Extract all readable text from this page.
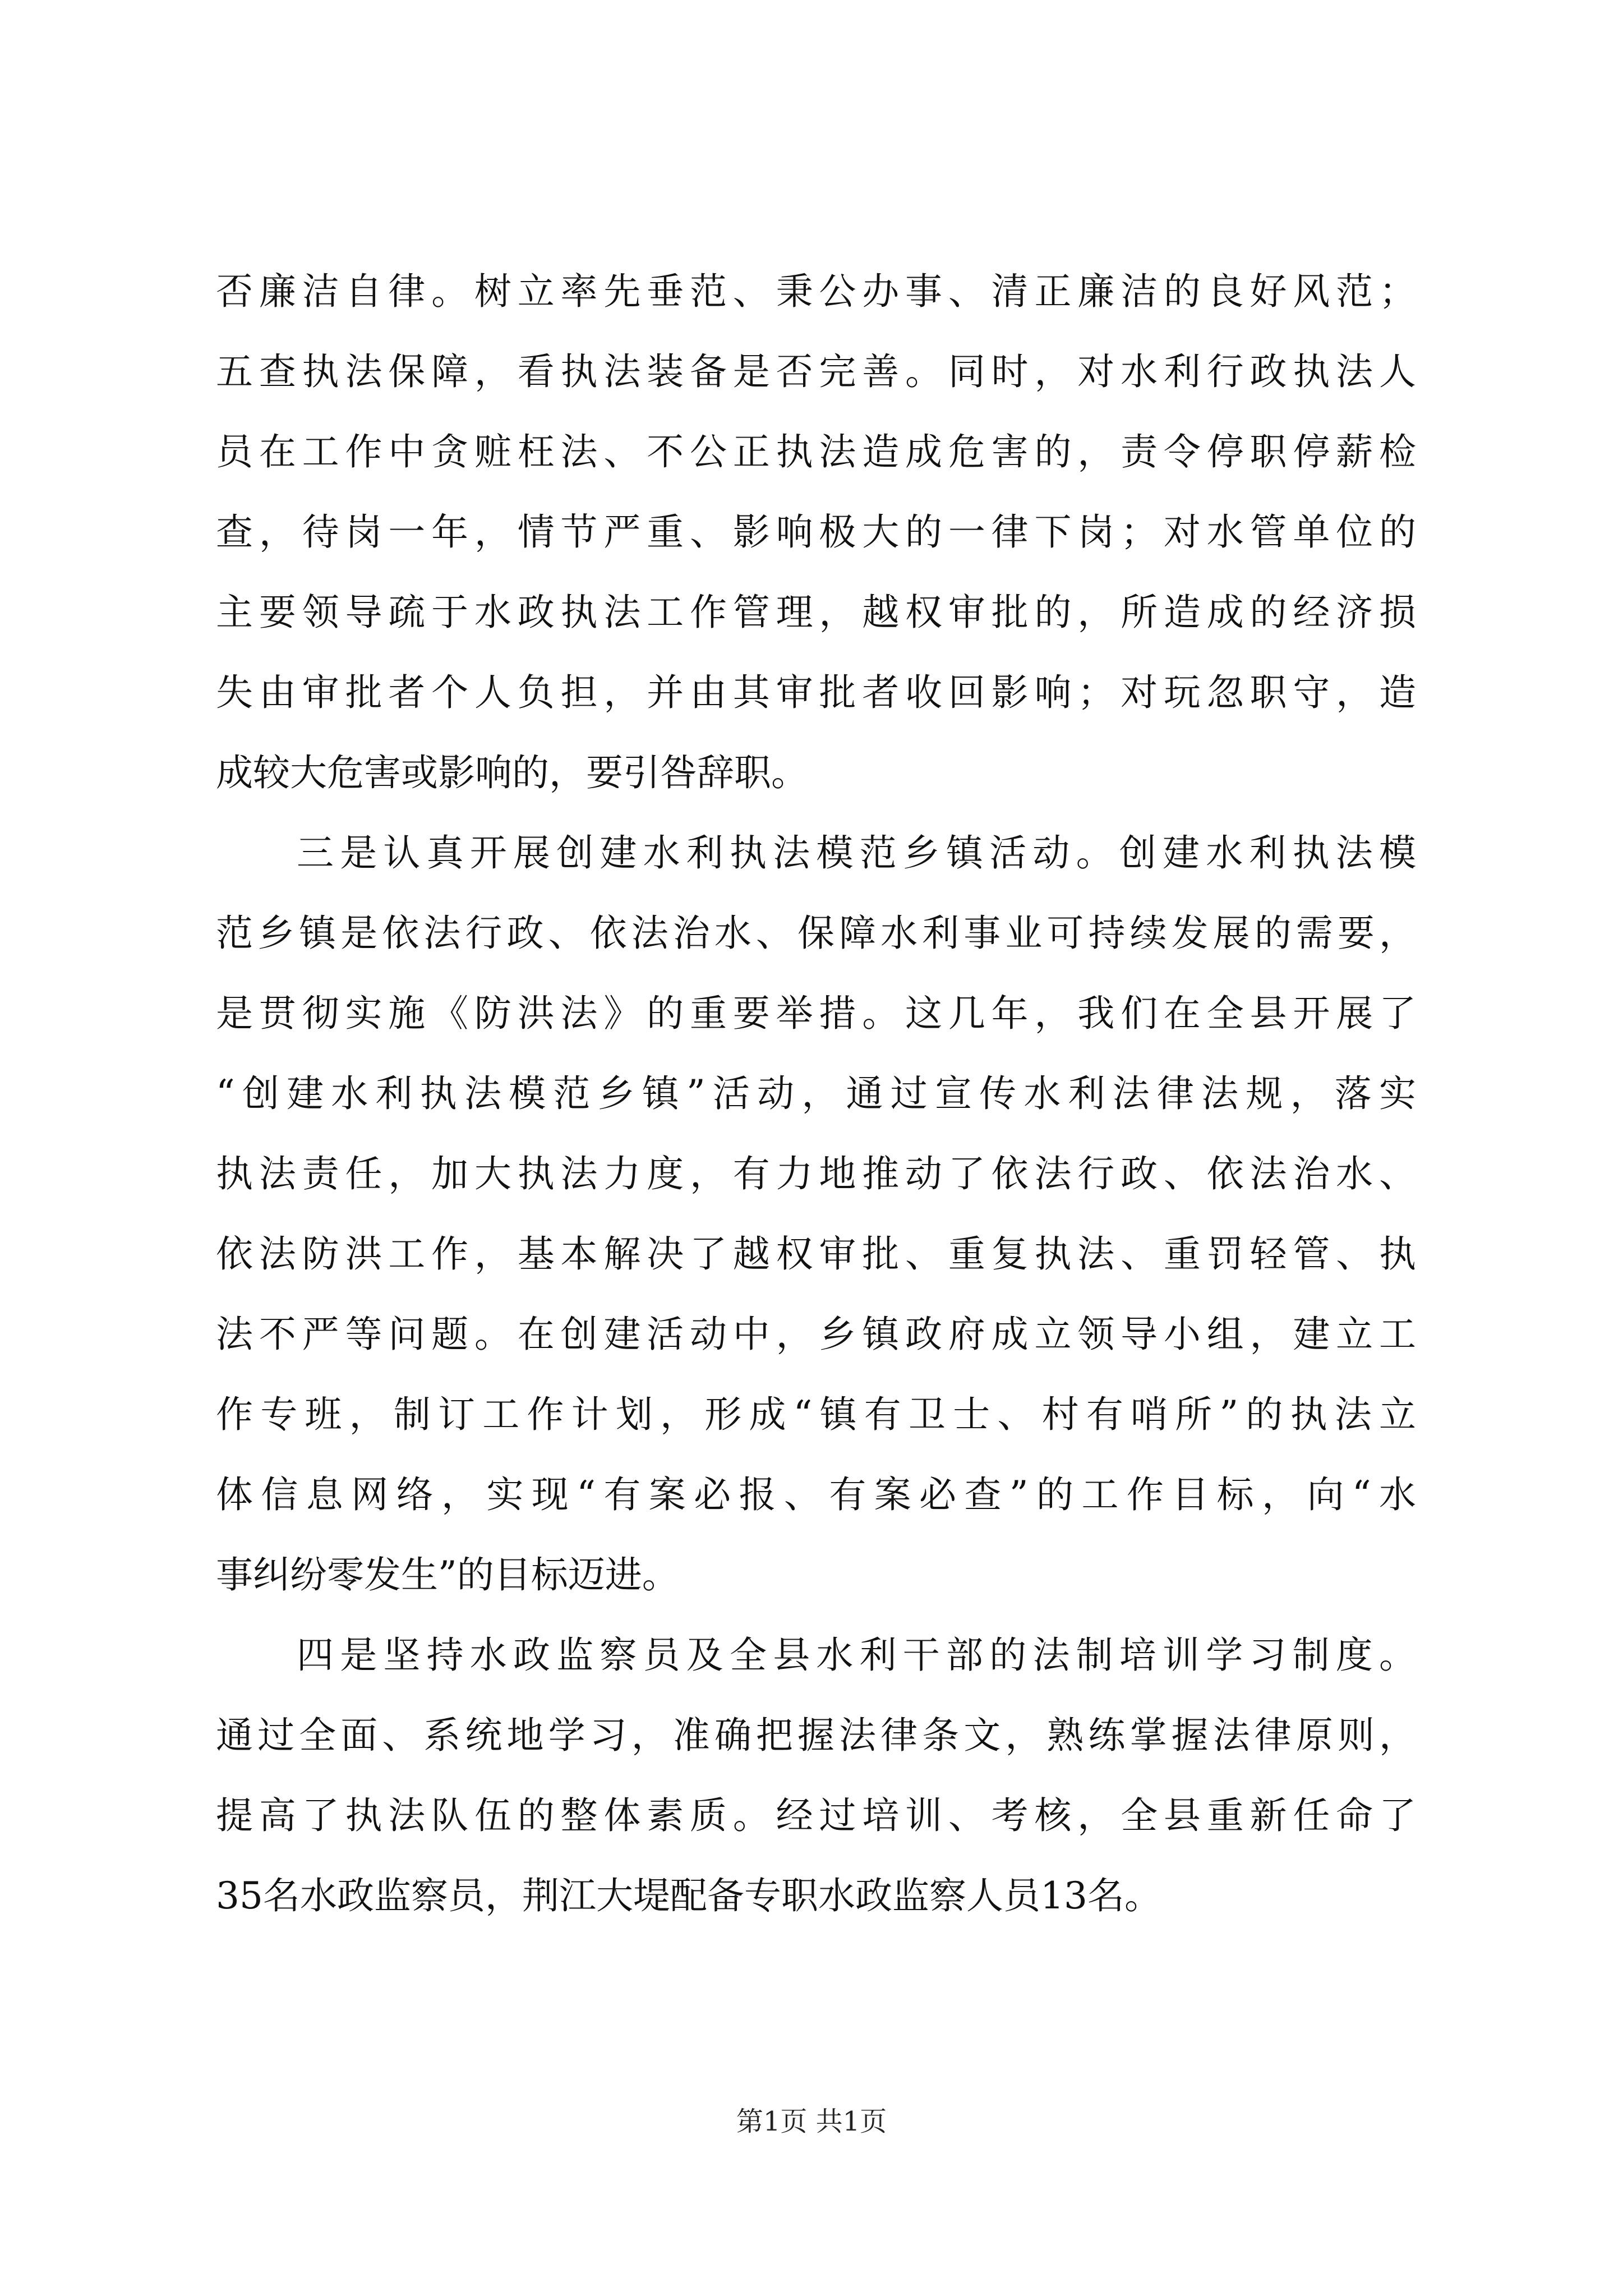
否廉洁自律。树立率先垂范、秉公办事、清正廉洁的良好风范；
五查执法保障，看执法装备是否完善。同时，对水利行政执法人
员在工作中贪赃枉法、不公正执法造成危害的，责令停职停薪检
查，待岗一年，情节严重、影响极大的一律下岗；对水管单位的
主要领导疏于水政执法工作管理，越权审批的，所造成的经济损
失由审批者个人负担，并由其审批者收回影响；对玩忽职守，造
成较大危害或影响的，要引咎辞职。
三是认真开展创建水利执法模范乡镇活动。创建水利执法模
范乡镇是依法行政、依法治水、保障水利事业可持续发展的需要，
是贯彻实施《防洪法》的重要举措。这几年，我们在全县开展了
“创建水利执法模范乡镇”活动，通过宣传水利法律法规，落实
执法责任，加大执法力度，有力地推动了依法行政、依法治水、
依法防洪工作，基本解决了越权审批、重复执法、重罚轻管、执
法不严等问题。在创建活动中，乡镇政府成立领导小组，建立工
作专班，制订工作计划，形成“镇有卫士、村有哨所”的执法立
体信息网络，实现“有案必报、有案必查”的工作目标，向“水
事纠纷零发生”的目标迈进。
四是坚持水政监察员及全县水利干部的法制培训学习制度。
通过全面、系统地学习，准确把握法律条文，熟练掌握法律原则，
提高了执法队伍的整体素质。经过培训、考核，全县重新任命了
35名水政监察员，荆江大堤配备专职水政监察人员13名。
第1页 共1页
